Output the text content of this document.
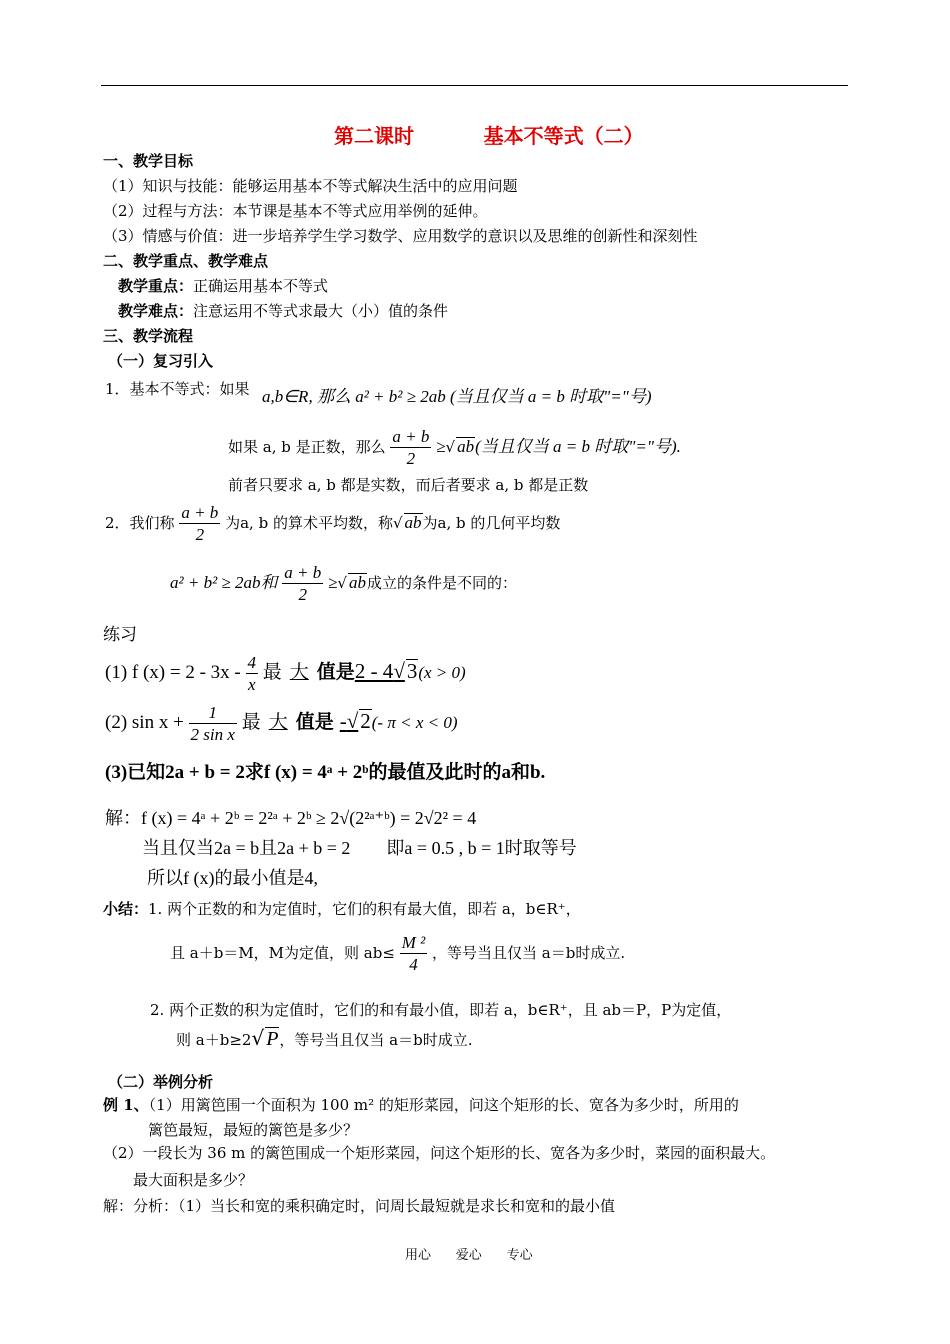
第二课时          基本不等式（二）
一、教学目标
（1）知识与技能：能够运用基本不等式解决生活中的应用问题
（2）过程与方法：本节课是基本不等式应用举例的延伸。
（3）情感与价值：进一步培养学生学习数学、应用数学的意识以及思维的创新性和深刻性
二、教学重点、教学难点
教学重点：正确运用基本不等式
教学难点：注意运用不等式求最大（小）值的条件
三、教学流程
（一）复习引入
1．基本不等式：如果 a,b∈R, 那么 a² + b² ≥ 2ab (当且仅当 a = b 时取"="号)
如果 a, b 是正数，那么 $\frac{a + b}{2}$ ≥√ ab(当且仅当 a = b 时取"="号).
前者只要求 a, b 都是实数，而后者要求 a, b 都是正数
2．我们称 $\frac{a + b}{2}$ 为a, b 的算术平均数，称√ ab为a, b 的几何平均数
a² + b² ≥ 2ab和 $\frac{a + b}{2}$ ≥√ ab成立的条件是不同的：
练习
(1) f $(x) = 2 - 3x - \frac{4}{x}$ 最 大 值是2 - 4√3(x > 0)
(2) $\sin x + \frac{1}{\text{2 sin x}}$ 最 大 值是 -√2(- π < x < 0)
(3)已知2a + b = 2求f (x) = 4ᵃ + 2ᵇ的最值及此时的a和b.
解：f (x) = 4ᵃ + 2ᵇ = 2²ᵃ + 2ᵇ ≥ 2√(2²ᵃ⁺ᵇ) = 2√2² = 4
当且仅当2a = b且2a + b = 2        即a = 0.5 , b = 1时取等号
所以f (x)的最小值是4,
小结：1. 两个正数的和为定值时，它们的积有最大值，即若 a，b∈R⁺，
且 a＋b＝M，M为定值，则 $ab\le \frac{\text{M ²}}{4}$ ，等号当且仅当 a＝b时成立.
2. 两个正数的积为定值时，它们的和有最小值，即若 a，b∈R⁺，且 ab＝P，P为定值，
则 a＋b≥2√ P，等号当且仅当 a＝b时成立.
（二）举例分析
例 1、（1）用篱笆围一个面积为 100 m² 的矩形菜园，问这个矩形的长、宽各为多少时，所用的
篱笆最短，最短的篱笆是多少？
（2）一段长为 36 m 的篱笆围成一个矩形菜园，问这个矩形的长、宽各为多少时，菜园的面积最大。
最大面积是多少？
解：分析：（1）当长和宽的乘积确定时，问周长最短就是求长和宽和的最小值
用心      爱心      专心
